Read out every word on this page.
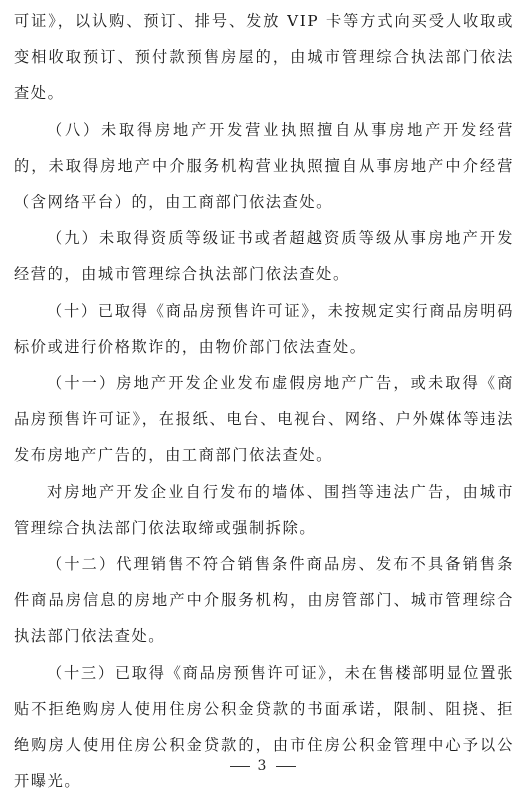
可证》，以认购、预订、排号、发放 VIP 卡等方式向买受人收取或变相收取预订、预付款预售房屋的，由城市管理综合执法部门依法查处。

（八）未取得房地产开发营业执照擅自从事房地产开发经营的，未取得房地产中介服务机构营业执照擅自从事房地产中介经营（含网络平台）的，由工商部门依法查处。

（九）未取得资质等级证书或者超越资质等级从事房地产开发经营的，由城市管理综合执法部门依法查处。

（十）已取得《商品房预售许可证》，未按规定实行商品房明码标价或进行价格欺诈的，由物价部门依法查处。

（十一）房地产开发企业发布虚假房地产广告，或未取得《商品房预售许可证》，在报纸、电台、电视台、网络、户外媒体等违法发布房地产广告的，由工商部门依法查处。

对房地产开发企业自行发布的墙体、围挡等违法广告，由城市管理综合执法部门依法取缔或强制拆除。

（十二）代理销售不符合销售条件商品房、发布不具备销售条件商品房信息的房地产中介服务机构，由房管部门、城市管理综合执法部门依法查处。

（十三）已取得《商品房预售许可证》，未在售楼部明显位置张贴不拒绝购房人使用住房公积金贷款的书面承诺，限制、阻挠、拒绝购房人使用住房公积金贷款的，由市住房公积金管理中心予以公开曝光。

3
